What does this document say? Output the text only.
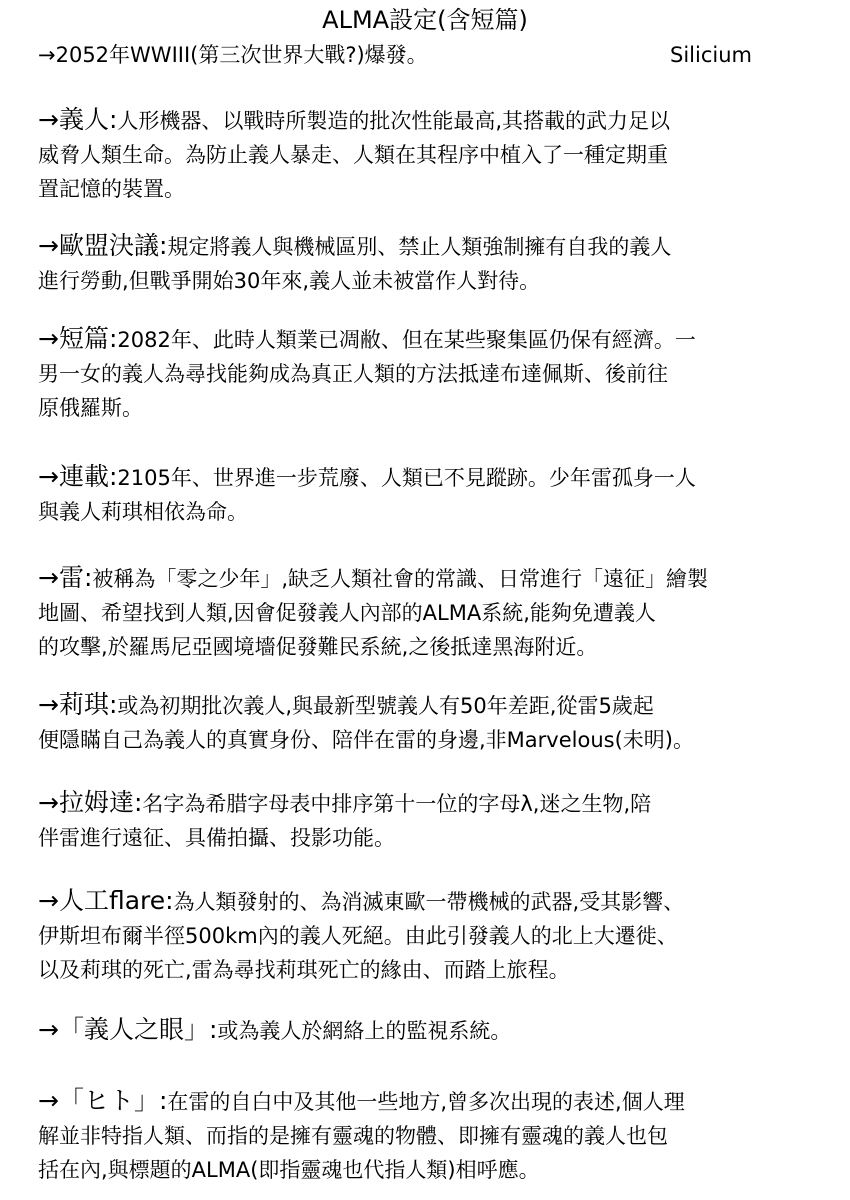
ALMA設定(含短篇)
→2052年WWIII(第三次世界大戰?)爆發。	Silicium
→義人:人形機器、以戰時所製造的批次性能最高,其搭載的武力足以
威脅人類生命。為防止義人暴走、人類在其程序中植入了一種定期重
置記憶的裝置。
→歐盟決議:規定將義人與機械區別、禁止人類強制擁有自我的義人
進行勞動,但戰爭開始30年來,義人並未被當作人對待。
→短篇:2082年、此時人類業已凋敝、但在某些聚集區仍保有經濟。一
男一女的義人為尋找能夠成為真正人類的方法抵達布達佩斯、後前往
原俄羅斯。
→連載:2105年、世界進一步荒廢、人類已不見蹤跡。少年雷孤身一人
與義人莉琪相依為命。
→雷:被稱為「零之少年」,缺乏人類社會的常識、日常進行「遠征」繪製
地圖、希望找到人類,因會促發義人內部的ALMA系統,能夠免遭義人
的攻擊,於羅馬尼亞國境墻促發難民系統,之後抵達黑海附近。
→莉琪:或為初期批次義人,與最新型號義人有50年差距,從雷5歲起
便隱瞞自己為義人的真實身份、陪伴在雷的身邊,非Marvelous(未明)。
→拉姆達:名字為希腊字母表中排序第十一位的字母λ,迷之生物,陪
伴雷進行遠征、具備拍攝、投影功能。
→人工flare:為人類發射的、為消滅東歐一帶機械的武器,受其影響、
伊斯坦布爾半徑500km內的義人死絕。由此引發義人的北上大遷徙、
以及莉琪的死亡,雷為尋找莉琪死亡的緣由、而踏上旅程。
→「義人之眼」:或為義人於網絡上的監視系統。
→「ヒト」:在雷的自白中及其他一些地方,曾多次出現的表述,個人理
解並非特指人類、而指的是擁有靈魂的物體、即擁有靈魂的義人也包
括在內,與標題的ALMA(即指靈魂也代指人類)相呼應。
